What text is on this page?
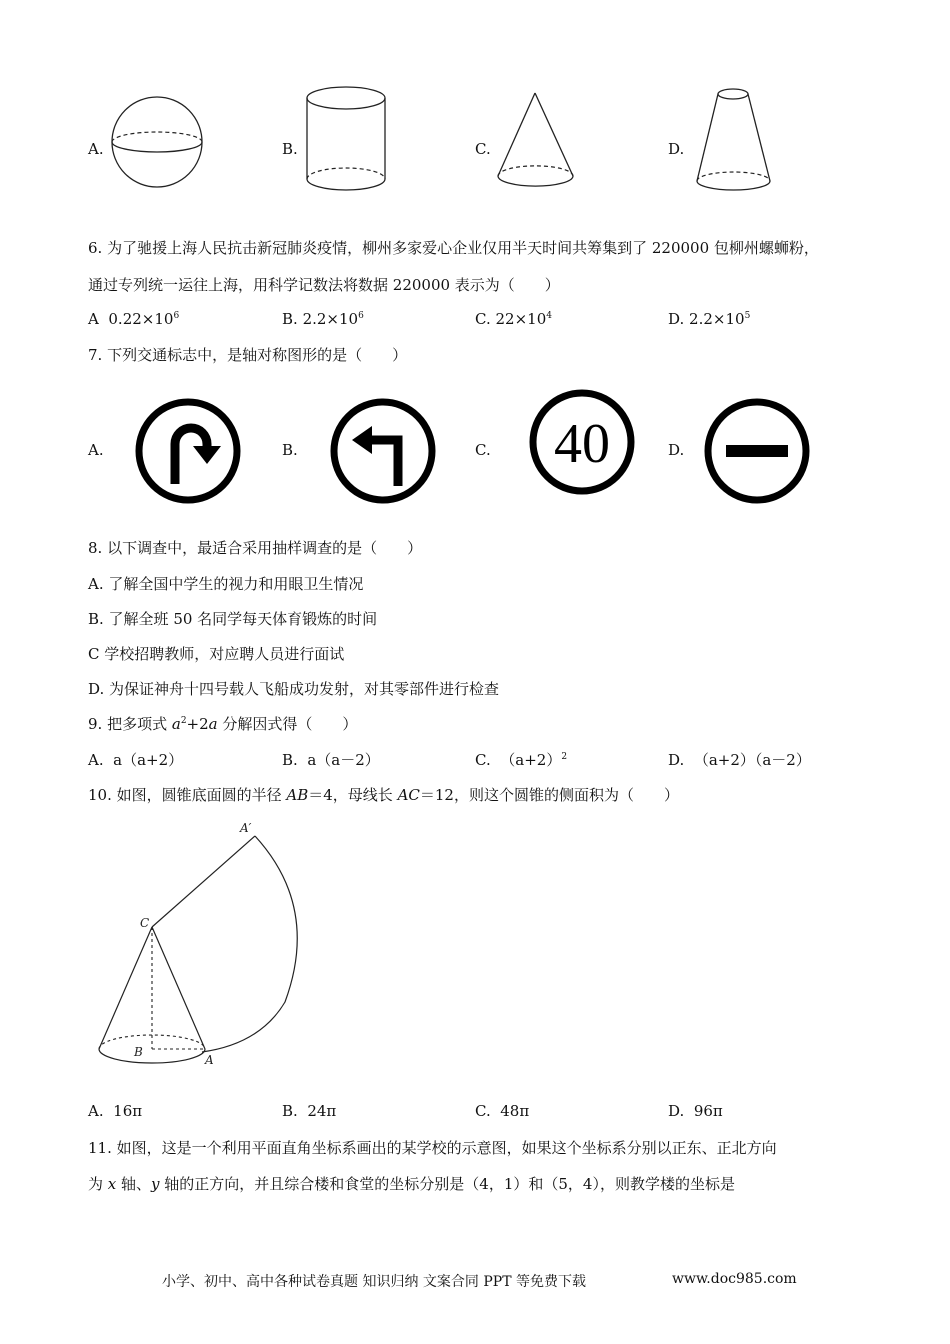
A.	B.	C.	D.
6. 为了驰援上海人民抗击新冠肺炎疫情，柳州多家爱心企业仅用半天时间共筹集到了 220000 包柳州螺蛳粉，
通过专列统一运往上海，用科学记数法将数据 220000 表示为（　　）
A $0.22\times 10^6$	B. $2.2\times 10^6$	C. $22\times 10^4$	D. $2.2\times 10^5$
7. 下列交通标志中，是轴对称图形的是（　　）
A.	B.	C. 40	D.
8. 以下调查中，最适合采用抽样调查的是（　　）
A. 了解全国中学生的视力和用眼卫生情况
B. 了解全班 50 名同学每天体育锻炼的时间
C 学校招聘教师，对应聘人员进行面试
D. 为保证神舟十四号载人飞船成功发射，对其零部件进行检查
9. 把多项式 $a^2+2a$ 分解因式得（　　）
A. a（a+2）	B. a（a－2）	C. $(a+2)^2$	D. （a+2）（a－2）
10. 如图，圆锥底面圆的半径 AB＝4，母线长 AC＝12，则这个圆锥的侧面积为（　　）
A′
C
B
A
A. 16π	B. 24π	C. 48π	D. 96π
11. 如图，这是一个利用平面直角坐标系画出的某学校的示意图，如果这个坐标系分别以正东、正北方向
为 x 轴、y 轴的正方向，并且综合楼和食堂的坐标分别是（4，1）和（5，4），则教学楼的坐标是
小学、初中、高中各种试卷真题 知识归纳 文案合同 PPT 等免费下载	www.doc985.com
